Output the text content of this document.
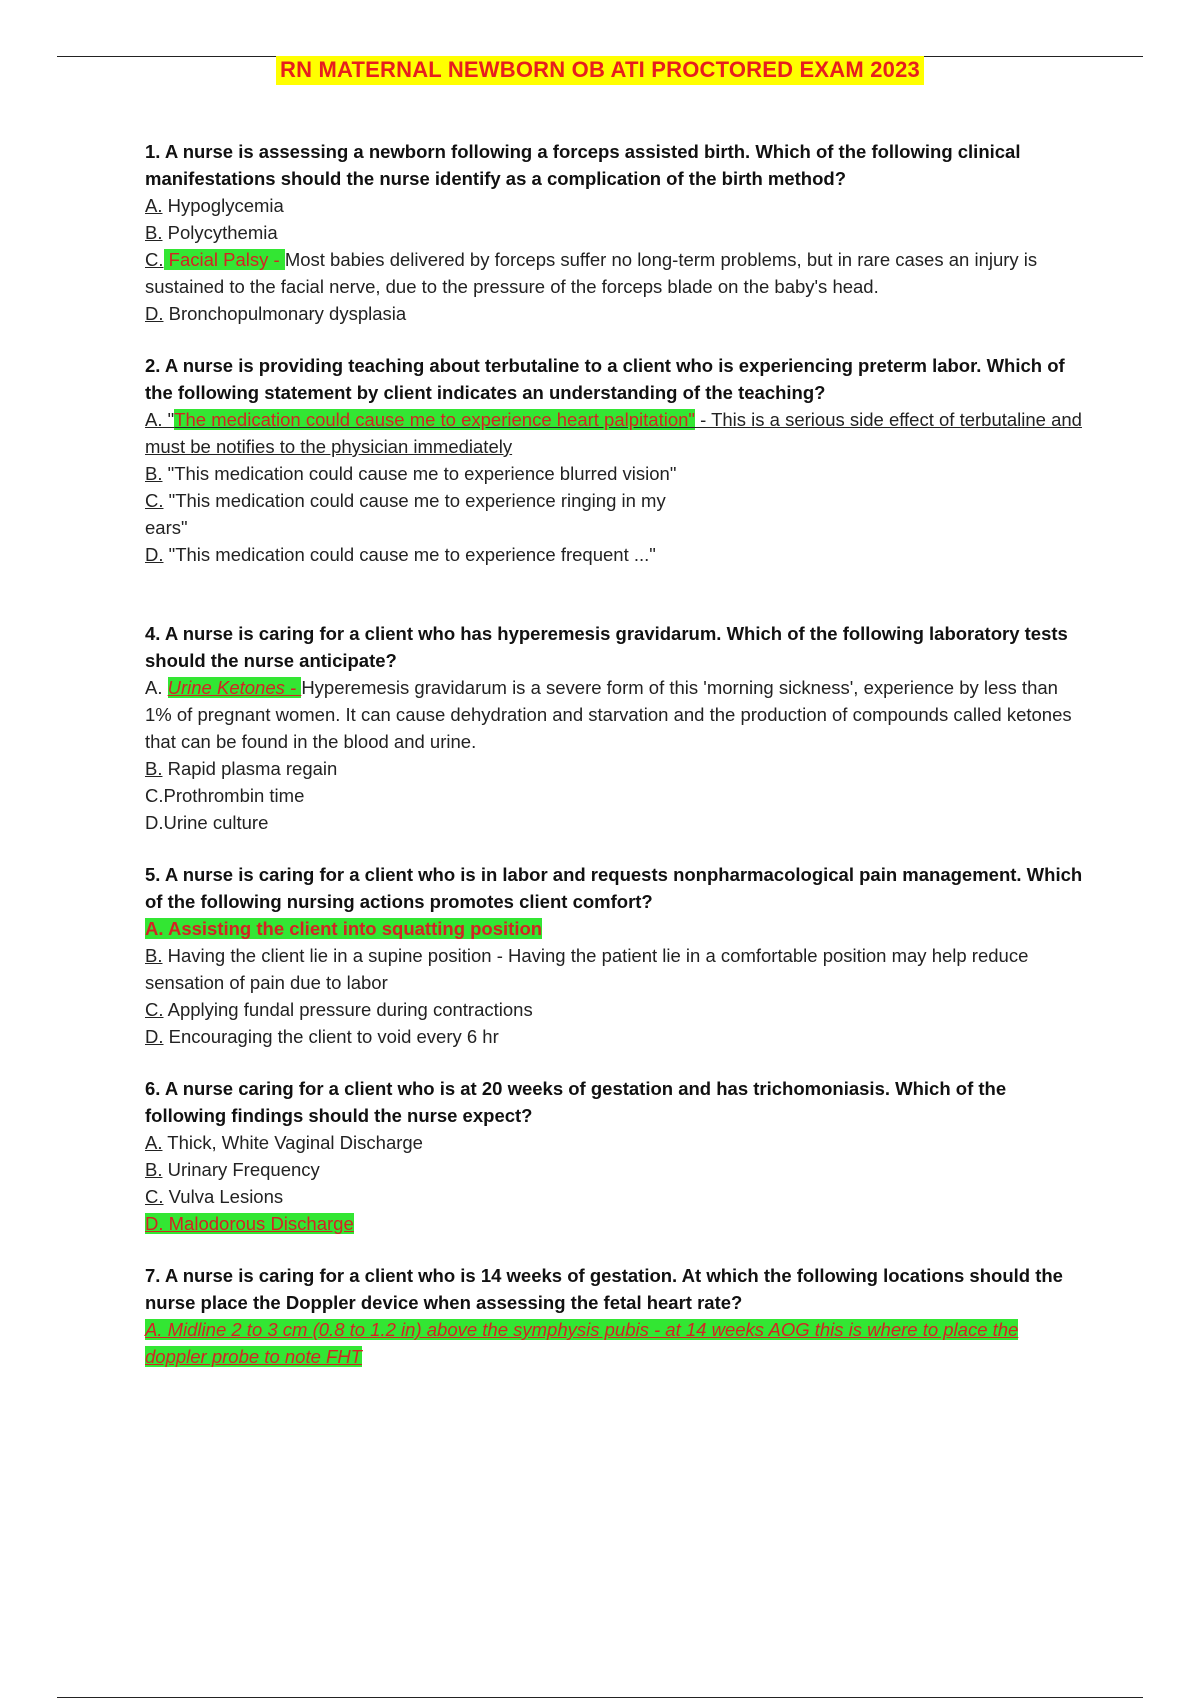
RN MATERNAL NEWBORN OB ATI PROCTORED EXAM 2023
1. A nurse is assessing a newborn following a forceps assisted birth. Which of the following clinical manifestations should the nurse identify as a complication of the birth method?
A. Hypoglycemia
B. Polycythemia
C. Facial Palsy - Most babies delivered by forceps suffer no long-term problems, but in rare cases an injury is sustained to the facial nerve, due to the pressure of the forceps blade on the baby's head.
D. Bronchopulmonary dysplasia
2. A nurse is providing teaching about terbutaline to a client who is experiencing preterm labor. Which of the following statement by client indicates an understanding of the teaching?
A. "The medication could cause me to experience heart palpitation" - This is a serious side effect of terbutaline and must be notifies to the physician immediately
B. "This medication could cause me to experience blurred vision"
C. "This medication could cause me to experience ringing in my
ears"
D. "This medication could cause me to experience frequent ..."
4. A nurse is caring for a client who has hyperemesis gravidarum. Which of the following laboratory tests should the nurse anticipate?
A. Urine Ketones - Hyperemesis gravidarum is a severe form of this 'morning sickness', experience by less than 1% of pregnant women. It can cause dehydration and starvation and the production of compounds called ketones that can be found in the blood and urine.
B. Rapid plasma regain
C.Prothrombin time
D.Urine culture
5. A nurse is caring for a client who is in labor and requests nonpharmacological pain management. Which of the following nursing actions promotes client comfort?
A. Assisting the client into squatting position
B. Having the client lie in a supine position - Having the patient lie in a comfortable position may help reduce sensation of pain due to labor
C. Applying fundal pressure during contractions
D. Encouraging the client to void every 6 hr
6. A nurse caring for a client who is at 20 weeks of gestation and has trichomoniasis. Which of the following findings should the nurse expect?
A. Thick, White Vaginal Discharge
B. Urinary Frequency
C. Vulva Lesions
D. Malodorous Discharge
7. A nurse is caring for a client who is 14 weeks of gestation. At which the following locations should the nurse place the Doppler device when assessing the fetal heart rate?
A. Midline 2 to 3 cm (0.8 to 1.2 in) above the symphysis pubis - at 14 weeks AOG this is where to place the doppler probe to note FHT
